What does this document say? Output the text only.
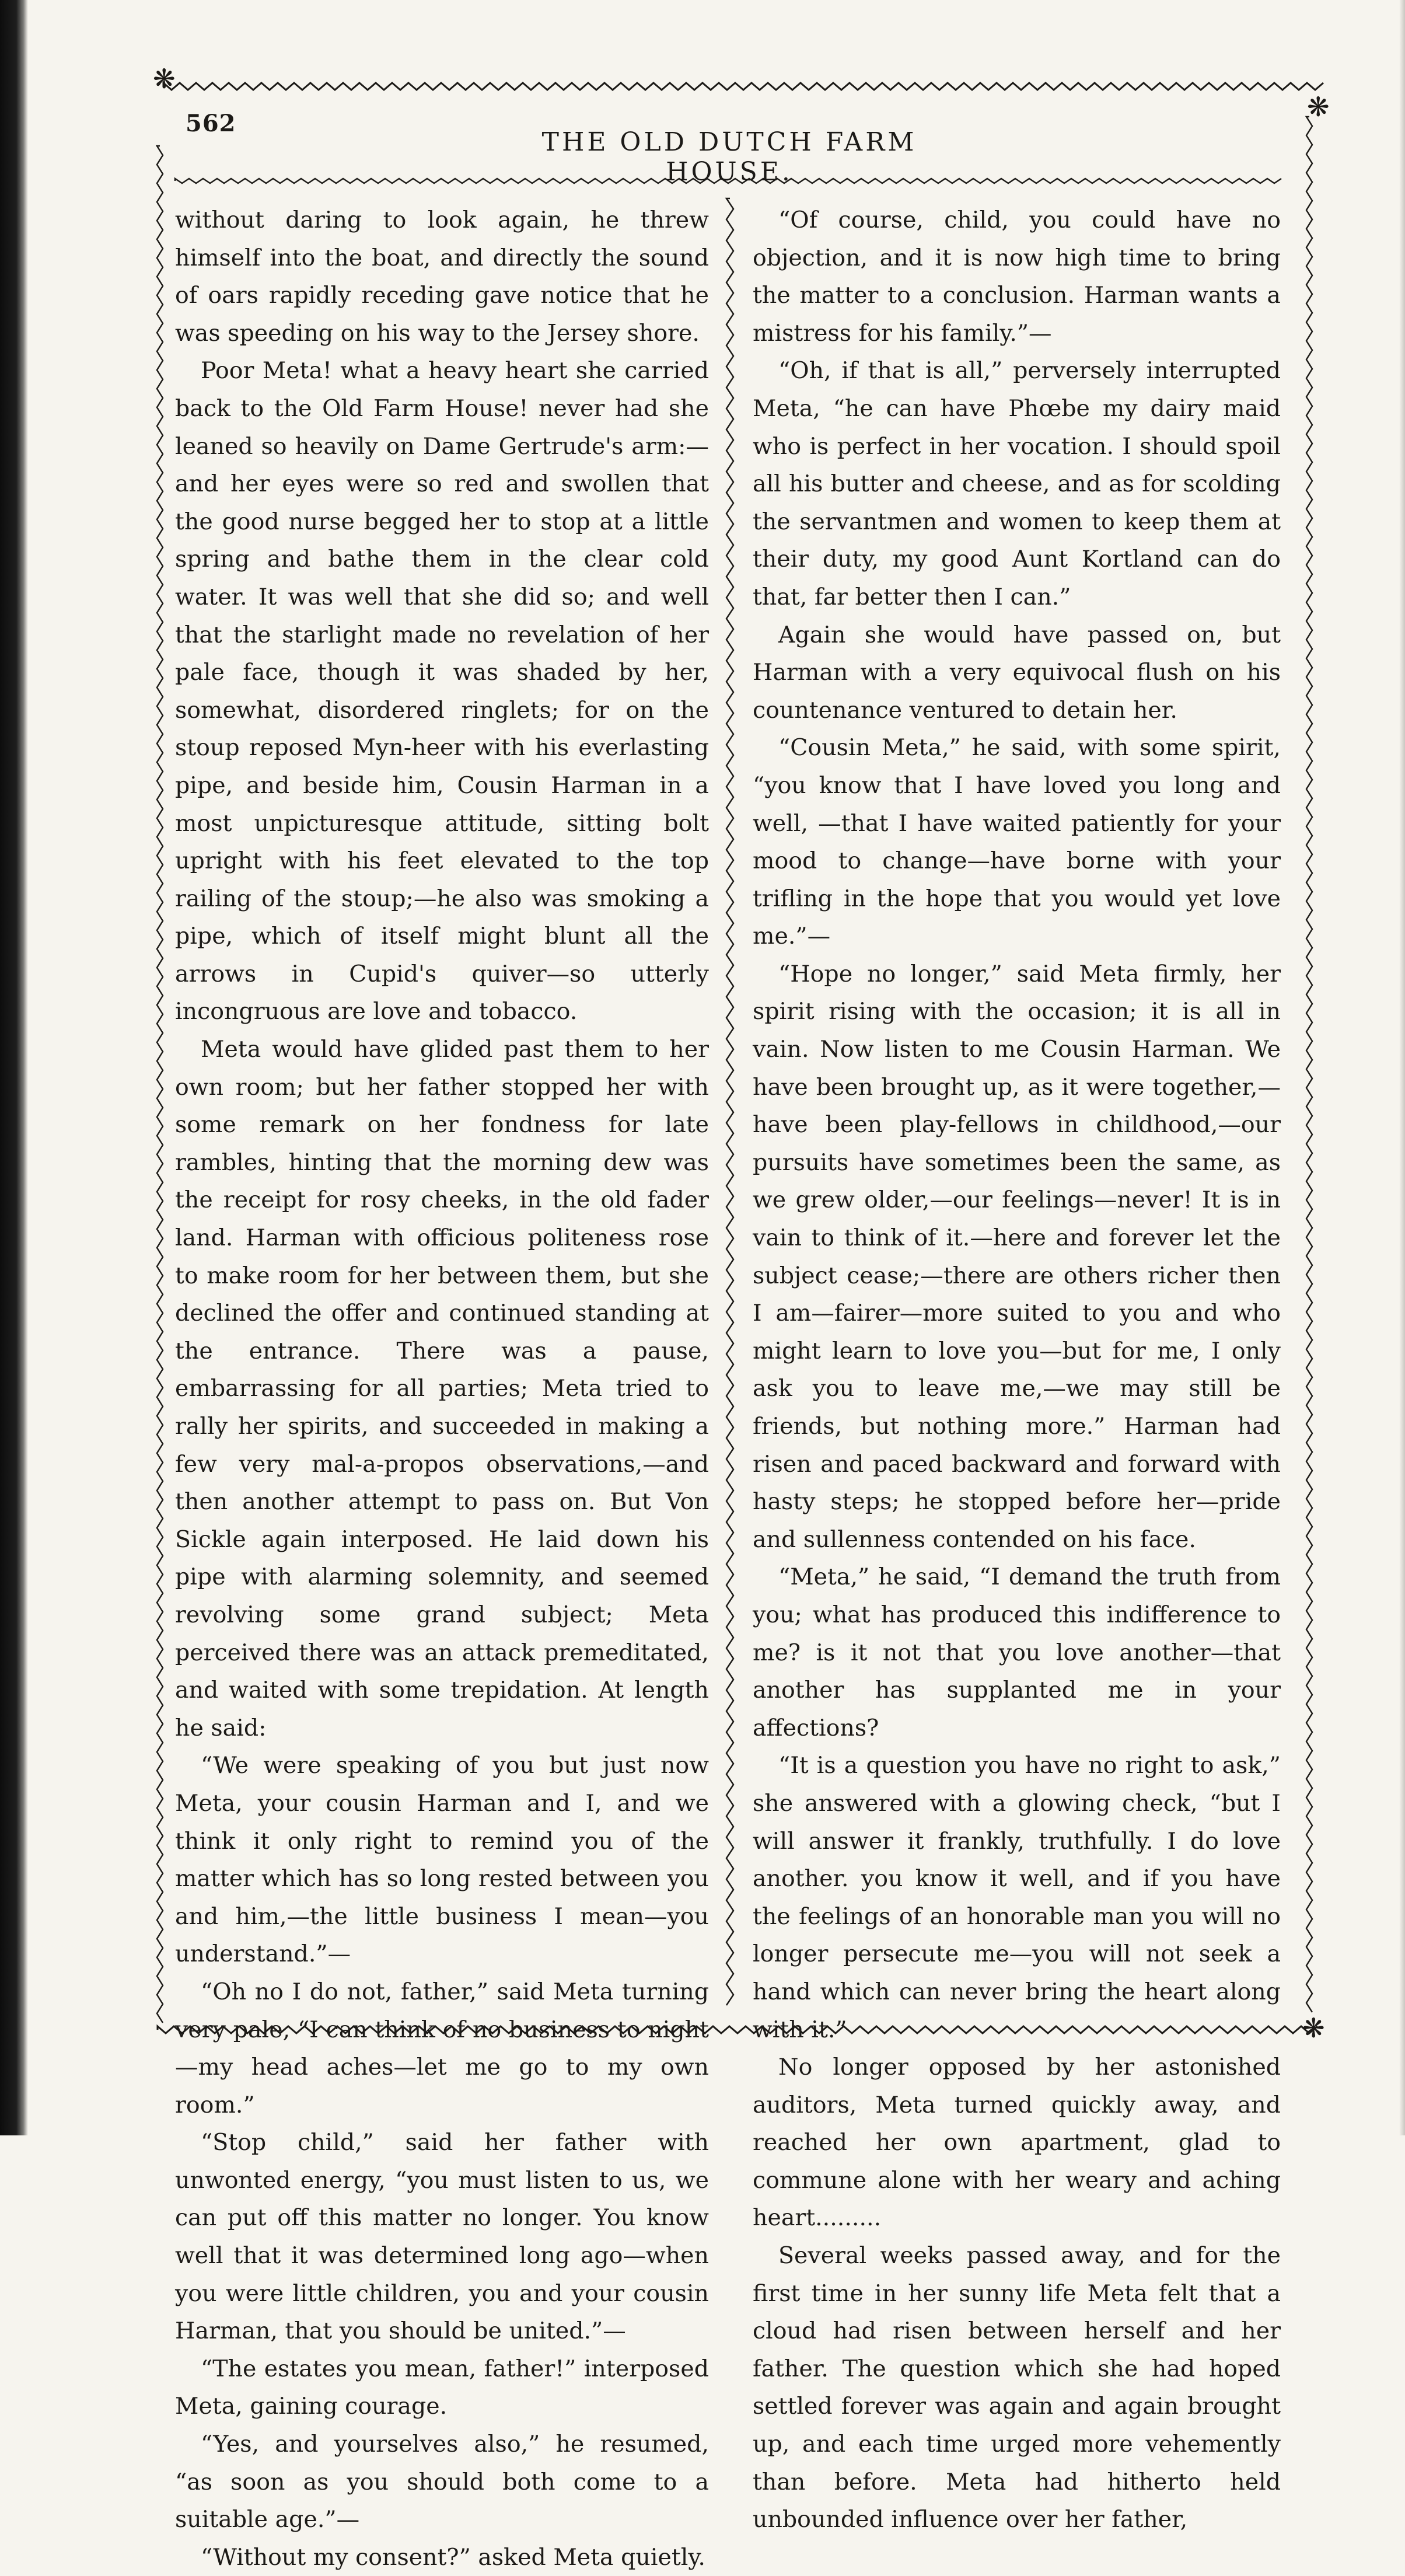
562
THE OLD DUTCH FARM HOUSE.
❋
❋

without daring to look again, he threw himself into the boat, and directly the sound of oars rapidly receding gave notice that he was speeding on his way to the Jersey shore.

Poor Meta! what a heavy heart she carried back to the Old Farm House! never had she leaned so heavily on Dame Gertrude's arm:—and her eyes were so red and swollen that the good nurse begged her to stop at a little spring and bathe them in the clear cold water. It was well that she did so; and well that the starlight made no revelation of her pale face, though it was shaded by her, somewhat, disordered ringlets; for on the stoup reposed Myn-heer with his everlasting pipe, and beside him, Cousin Harman in a most unpicturesque attitude, sitting bolt upright with his feet elevated to the top railing of the stoup;—he also was smoking a pipe, which of itself might blunt all the arrows in Cupid's quiver—so utterly incongruous are love and tobacco.

Meta would have glided past them to her own room; but her father stopped her with some remark on her fondness for late rambles, hinting that the morning dew was the receipt for rosy cheeks, in the old fader land. Harman with officious politeness rose to make room for her between them, but she declined the offer and continued standing at the entrance. There was a pause, embarrassing for all parties; Meta tried to rally her spirits, and succeeded in making a few very mal-a-propos observations,—and then another attempt to pass on. But Von Sickle again interposed. He laid down his pipe with alarming solemnity, and seemed revolving some grand subject; Meta perceived there was an attack premeditated, and waited with some trepidation. At length he said:

“We were speaking of you but just now Meta, your cousin Harman and I, and we think it only right to remind you of the matter which has so long rested between you and him,—the little business I mean—you understand.”—

“Oh no I do not, father,” said Meta turning very pale, “I can think of no business to night—my head aches—let me go to my own room.”

“Stop child,” said her father with unwonted energy, “you must listen to us, we can put off this matter no longer. You know well that it was determined long ago—when you were little children, you and your cousin Harman, that you should be united.”—

“The estates you mean, father!” interposed Meta, gaining courage.

“Yes, and yourselves also,” he resumed, “as soon as you should both come to a suitable age.”—

“Without my consent?” asked Meta quietly.

“Of course, child, you could have no objection, and it is now high time to bring the matter to a conclusion. Harman wants a mistress for his family.”—

“Oh, if that is all,” perversely interrupted Meta, “he can have Phœbe my dairy maid who is perfect in her vocation. I should spoil all his butter and cheese, and as for scolding the servantmen and women to keep them at their duty, my good Aunt Kortland can do that, far better then I can.”

Again she would have passed on, but Harman with a very equivocal flush on his countenance ventured to detain her.

“Cousin Meta,” he said, with some spirit, “you know that I have loved you long and well, —that I have waited patiently for your mood to change—have borne with your trifling in the hope that you would yet love me.”—

“Hope no longer,” said Meta firmly, her spirit rising with the occasion; it is all in vain. Now listen to me Cousin Harman. We have been brought up, as it were together,—have been play-fellows in childhood,—our pursuits have sometimes been the same, as we grew older,—our feelings—never! It is in vain to think of it.—here and forever let the subject cease;—there are others richer then I am—fairer—more suited to you and who might learn to love you—but for me, I only ask you to leave me,—we may still be friends, but nothing more.” Harman had risen and paced backward and forward with hasty steps; he stopped before her—pride and sullenness contended on his face.

“Meta,” he said, “I demand the truth from you; what has produced this indifference to me? is it not that you love another—that another has supplanted me in your affections?

“It is a question you have no right to ask,” she answered with a glowing check, “but I will answer it frankly, truthfully. I do love another. you know it well, and if you have the feelings of an honorable man you will no longer persecute me—you will not seek a hand which can never bring the heart along with it.”

No longer opposed by her astonished auditors, Meta turned quickly away, and reached her own apartment, glad to commune alone with her weary and aching heart.........

Several weeks passed away, and for the first time in her sunny life Meta felt that a cloud had risen between herself and her father. The question which she had hoped settled forever was again and again brought up, and each time urged more vehemently than before. Meta had hitherto held unbounded influence over her father,

❋
